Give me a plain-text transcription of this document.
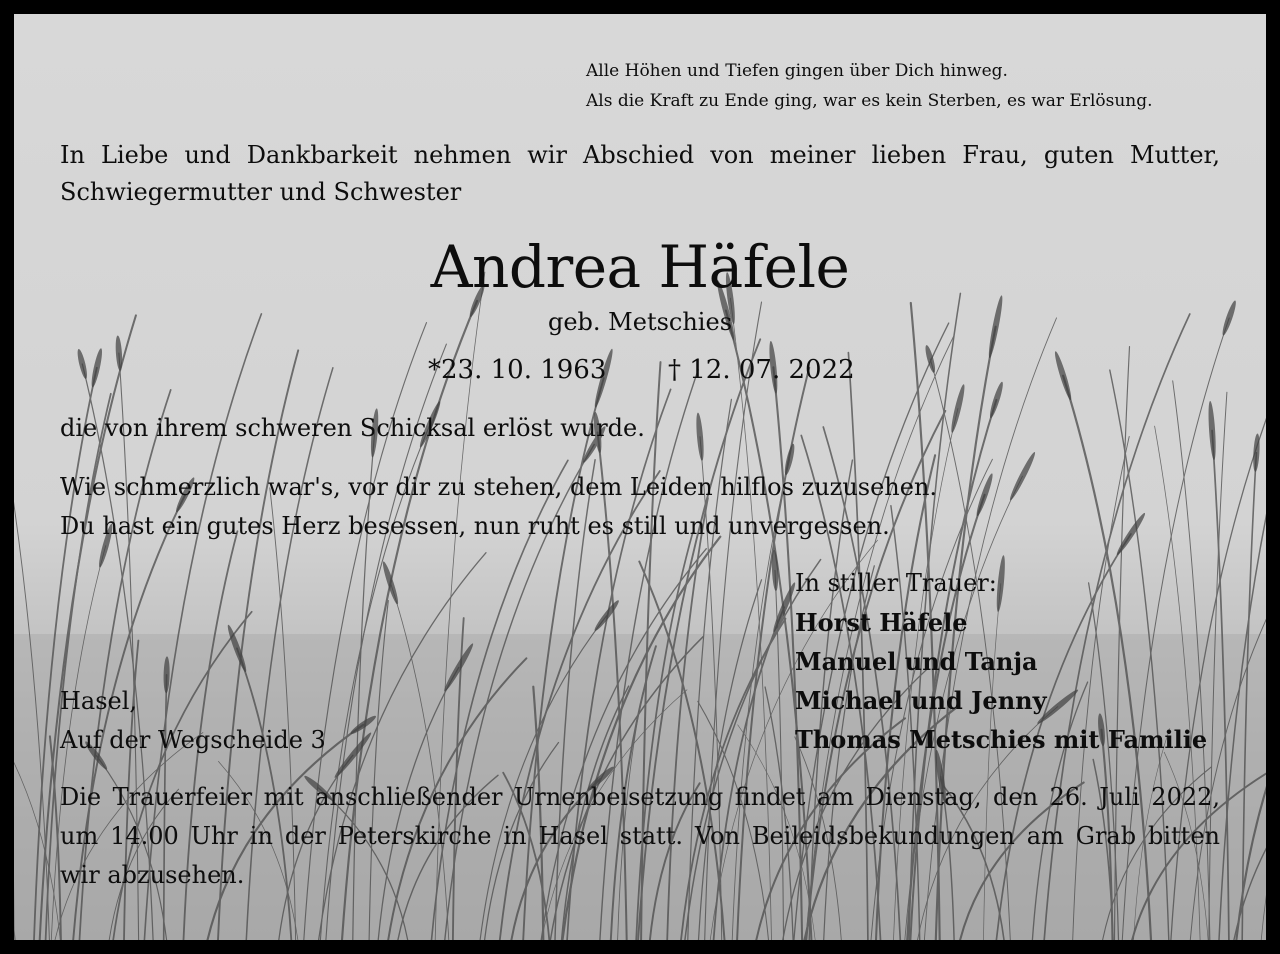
Alle Höhen und Tiefen gingen über Dich hinweg.
Als die Kraft zu Ende ging, war es kein Sterben, es war Erlösung.
In Liebe und Dankbarkeit nehmen wir Abschied von meiner lieben Frau, guten Mutter,
Schwiegermutter und Schwester
Andrea Häfele
geb. Metschies
*23. 10. 1963 † 12. 07. 2022
die von ihrem schweren Schicksal erlöst wurde.
Wie schmerzlich war's, vor dir zu stehen, dem Leiden hilflos zuzusehen.
Du hast ein gutes Herz besessen, nun ruht es still und unvergessen.
In stiller Trauer:
Horst Häfele
Manuel und Tanja
Michael und Jenny
Thomas Metschies mit Familie
Hasel,
Auf der Wegscheide 3
Die Trauerfeier mit anschließender Urnenbeisetzung findet am Dienstag, den 26. Juli 2022,
um 14.00 Uhr in der Peterskirche in Hasel statt. Von Beileidsbekundungen am Grab bitten
wir abzusehen.
